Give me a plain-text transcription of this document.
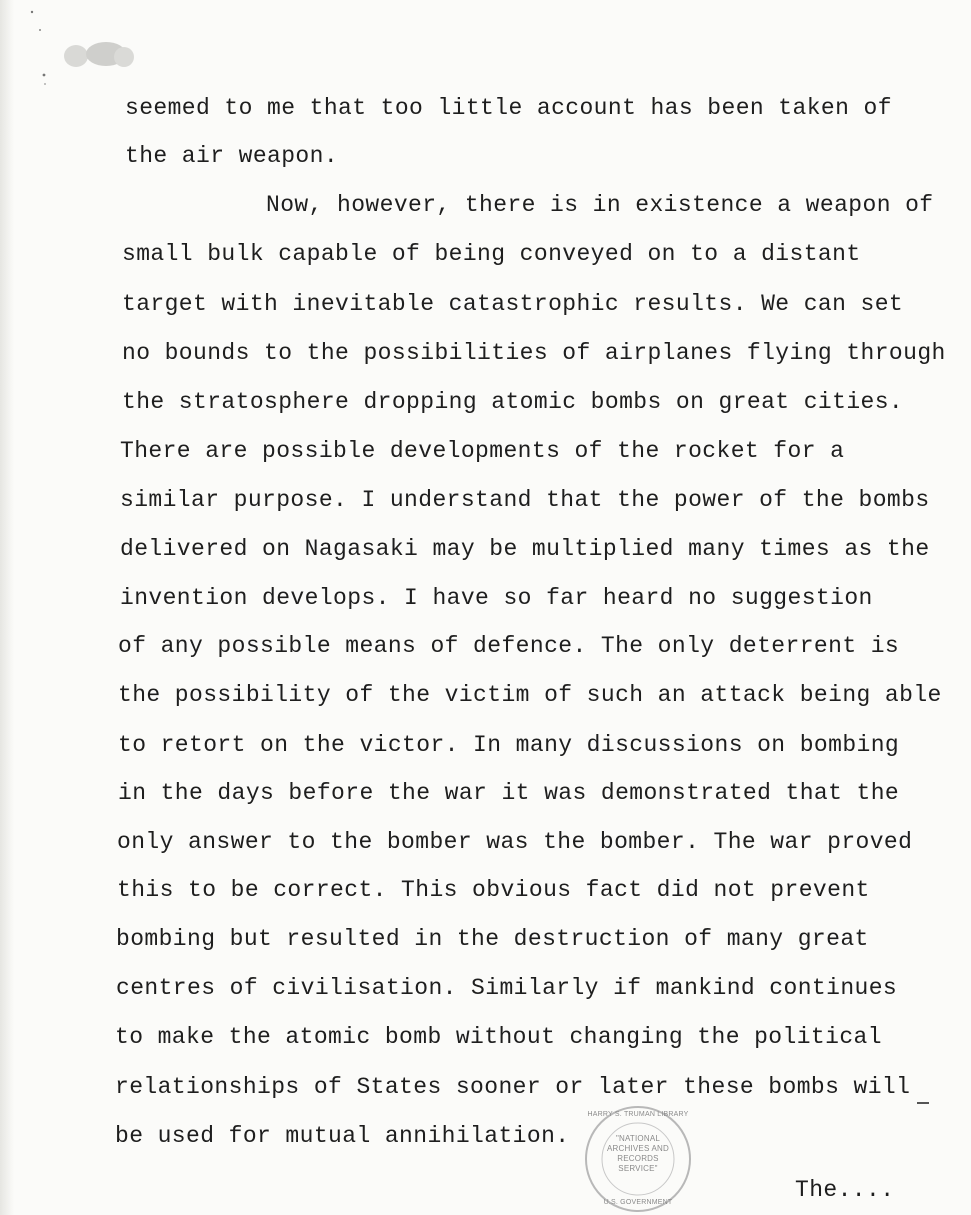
seemed to me that too little account has been taken of
the air weapon.
Now, however, there is in existence a weapon of
small bulk capable of being conveyed on to a distant
target with inevitable catastrophic results. We can set
no bounds to the possibilities of airplanes flying through
the stratosphere dropping atomic bombs on great cities.
There are possible developments of the rocket for a
similar purpose. I understand that the power of the bombs
delivered on Nagasaki may be multiplied many times as the
invention develops. I have so far heard no suggestion
of any possible means of defence. The only deterrent is
the possibility of the victim of such an attack being able
to retort on the victor. In many discussions on bombing
in the days before the war it was demonstrated that the
only answer to the bomber was the bomber. The war proved
this to be correct. This obvious fact did not prevent
bombing but resulted in the destruction of many great
centres of civilisation. Similarly if mankind continues
to make the atomic bomb without changing the political
relationships of States sooner or later these bombs will
be used for mutual annihilation.
The....
HARRY S. TRUMAN LIBRARY
"NATIONAL
ARCHIVES AND
RECORDS
SERVICE"
U.S. GOVERNMENT
